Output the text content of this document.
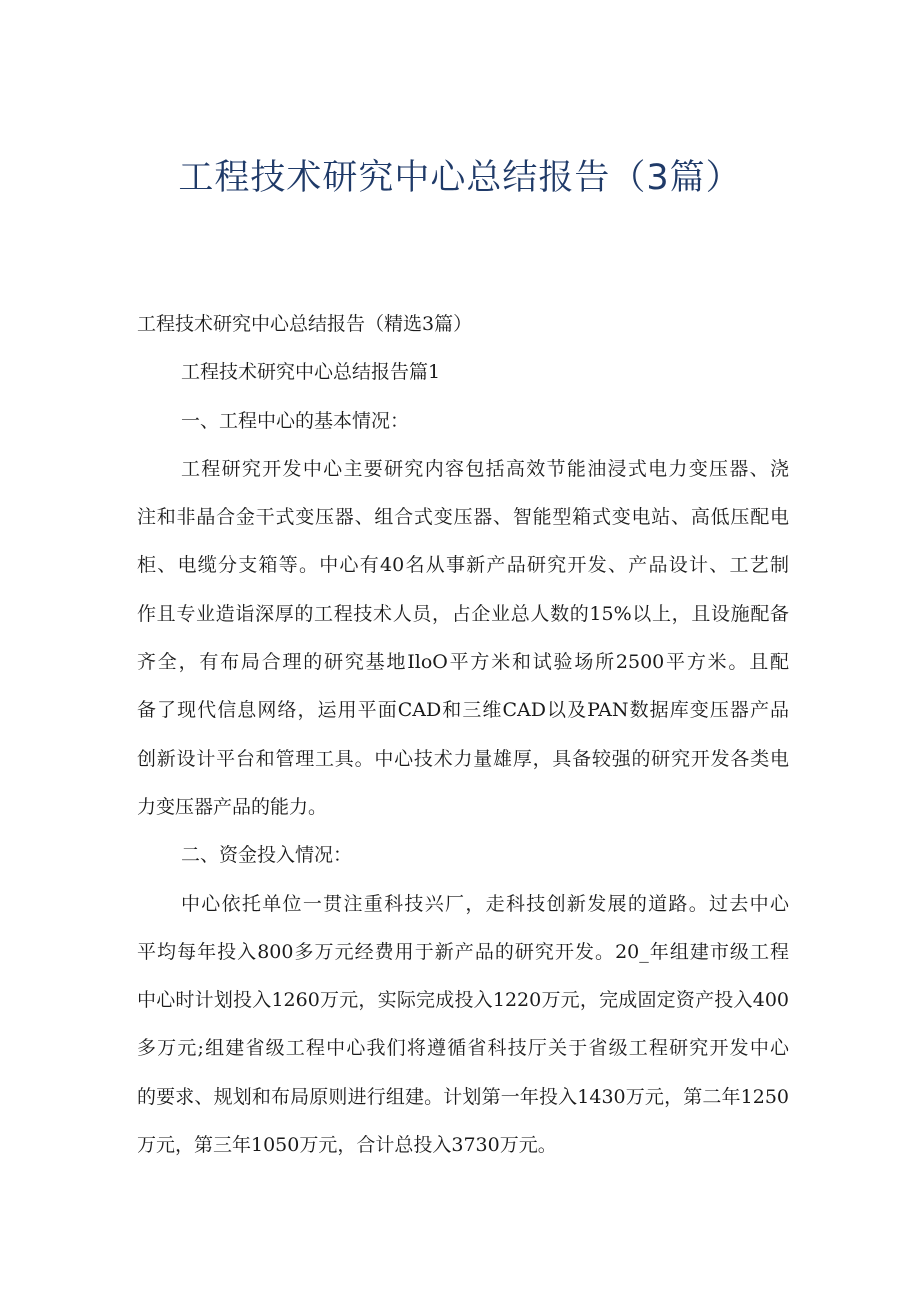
工程技术研究中心总结报告（3篇）
工程技术研究中心总结报告（精选3篇）
工程技术研究中心总结报告篇1
一、工程中心的基本情况：
工程研究开发中心主要研究内容包括高效节能油浸式电力变压器、浇
注和非晶合金干式变压器、组合式变压器、智能型箱式变电站、高低压配电
柜、电缆分支箱等。中心有40名从事新产品研究开发、产品设计、工艺制
作且专业造诣深厚的工程技术人员，占企业总人数的15%以上，且设施配备
齐全，有布局合理的研究基地IloO平方米和试验场所2500平方米。且配
备了现代信息网络，运用平面CAD和三维CAD以及PAN数据库变压器产品
创新设计平台和管理工具。中心技术力量雄厚，具备较强的研究开发各类电
力变压器产品的能力。
二、资金投入情况：
中心依托单位一贯注重科技兴厂，走科技创新发展的道路。过去中心
平均每年投入800多万元经费用于新产品的研究开发。20_年组建市级工程
中心时计划投入1260万元，实际完成投入1220万元，完成固定资产投入400
多万元;组建省级工程中心我们将遵循省科技厅关于省级工程研究开发中心
的要求、规划和布局原则进行组建。计划第一年投入1430万元，第二年1250
万元，第三年1050万元，合计总投入3730万元。
